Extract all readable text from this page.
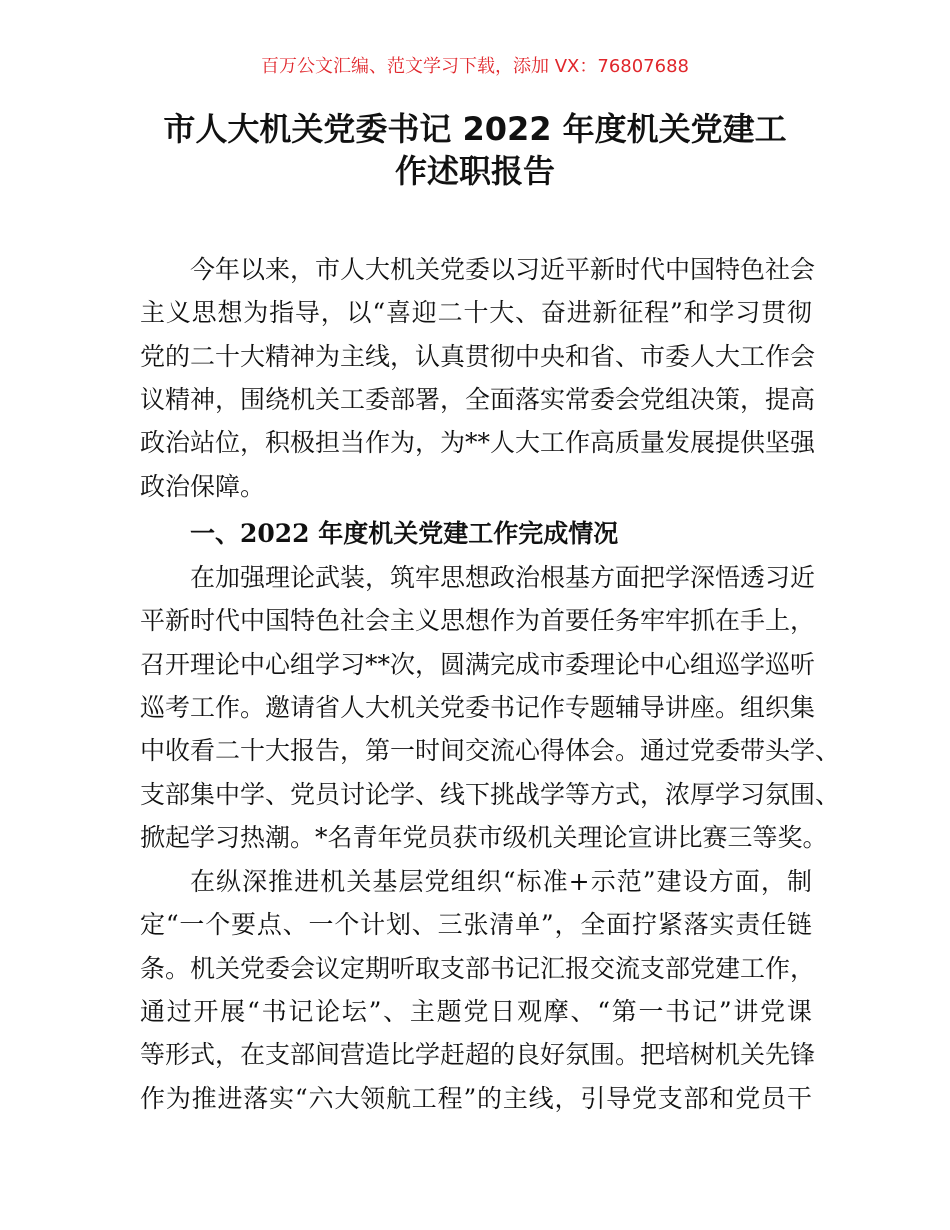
百万公文汇编、范文学习下载，添加 VX：76807688
市人大机关党委书记 2022 年度机关党建工
作述职报告
今年以来，市人大机关党委以习近平新时代中国特色社会
主义思想为指导，以“喜迎二十大、奋进新征程”和学习贯彻
党的二十大精神为主线，认真贯彻中央和省、市委人大工作会
议精神，围绕机关工委部署，全面落实常委会党组决策，提高
政治站位，积极担当作为，为**人大工作高质量发展提供坚强
政治保障。
一、2022 年度机关党建工作完成情况
在加强理论武装，筑牢思想政治根基方面把学深悟透习近
平新时代中国特色社会主义思想作为首要任务牢牢抓在手上，
召开理论中心组学习**次，圆满完成市委理论中心组巡学巡听
巡考工作。邀请省人大机关党委书记作专题辅导讲座。组织集
中收看二十大报告，第一时间交流心得体会。通过党委带头学、
支部集中学、党员讨论学、线下挑战学等方式，浓厚学习氛围、
掀起学习热潮。*名青年党员获市级机关理论宣讲比赛三等奖。
在纵深推进机关基层党组织“标准+示范”建设方面，制
定“一个要点、一个计划、三张清单”，全面拧紧落实责任链
条。机关党委会议定期听取支部书记汇报交流支部党建工作，
通过开展“书记论坛”、主题党日观摩、“第一书记”讲党课
等形式，在支部间营造比学赶超的良好氛围。把培树机关先锋
作为推进落实“六大领航工程”的主线，引导党支部和党员干
